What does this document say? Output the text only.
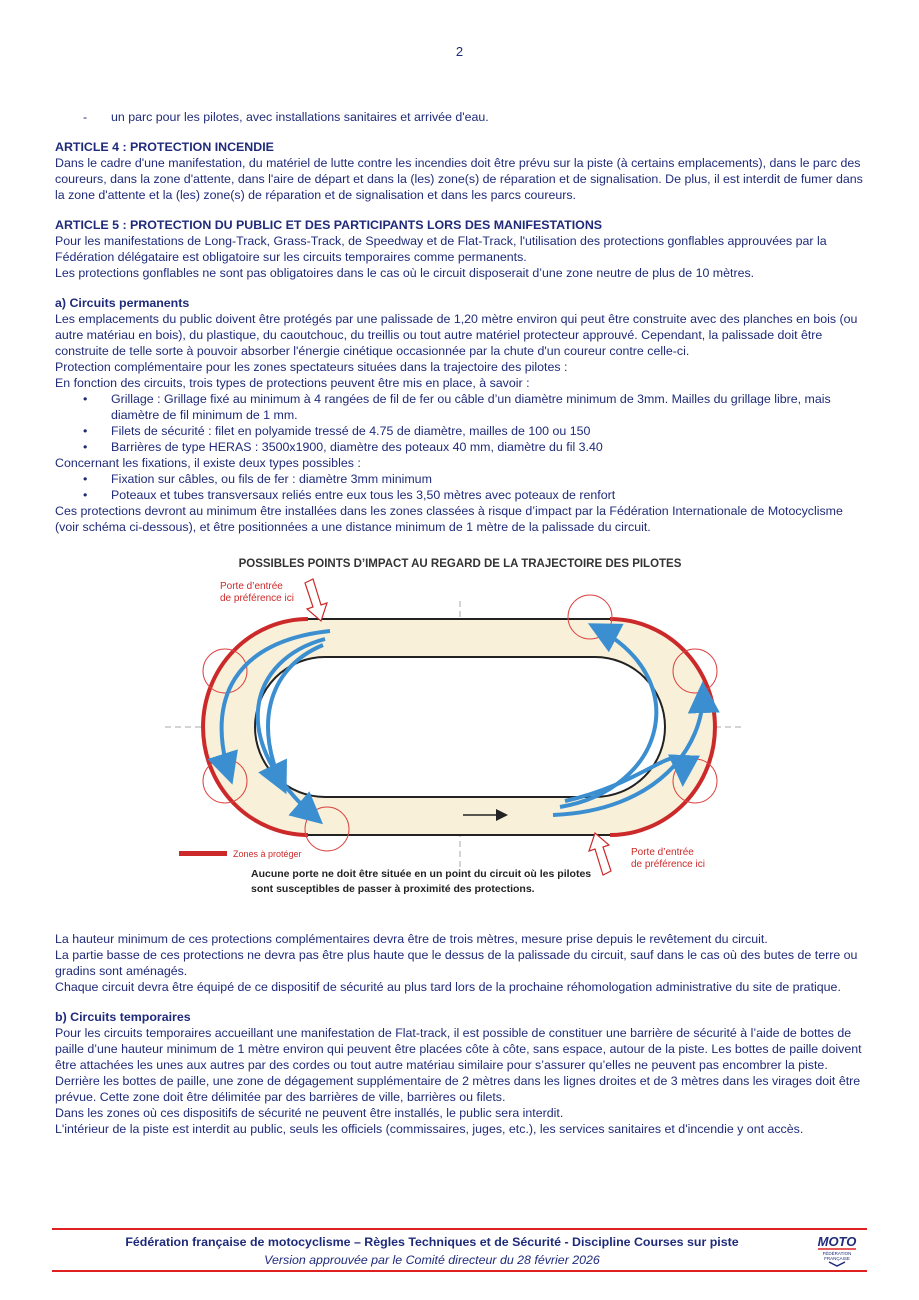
2
- un parc pour les pilotes, avec installations sanitaires et arrivée d'eau.

ARTICLE 4 : PROTECTION INCENDIE

Dans le cadre d'une manifestation, du matériel de lutte contre les incendies doit être prévu sur la piste (à certains emplacements), dans le parc des coureurs, dans la zone d'attente, dans l'aire de départ et dans la (les) zone(s) de réparation et de signalisation. De plus, il est interdit de fumer dans la zone d'attente et la (les) zone(s) de réparation et de signalisation et dans les parcs coureurs.

ARTICLE 5 : PROTECTION DU PUBLIC ET DES PARTICIPANTS LORS DES MANIFESTATIONS

Pour les manifestations de Long-Track, Grass-Track, de Speedway et de Flat-Track, l'utilisation des protections gonflables approuvées par la Fédération délégataire est obligatoire sur les circuits temporaires comme permanents.

Les protections gonflables ne sont pas obligatoires dans le cas où le circuit disposerait d’une zone neutre de plus de 10 mètres.

a) Circuits permanents

Les emplacements du public doivent être protégés par une palissade de 1,20 mètre environ qui peut être construite avec des planches en bois (ou autre matériau en bois), du plastique, du caoutchouc, du treillis ou tout autre matériel protecteur approuvé. Cependant, la palissade doit être construite de telle sorte à pouvoir absorber l'énergie cinétique occasionnée par la chute d'un coureur contre celle-ci.

Protection complémentaire pour les zones spectateurs situées dans la trajectoire des pilotes :

En fonction des circuits, trois types de protections peuvent être mis en place, à savoir :

• Grillage : Grillage fixé au minimum à 4 rangées de fil de fer ou câble d’un diamètre minimum de 3mm. Mailles du grillage libre, mais diamètre de fil minimum de 1 mm.
• Filets de sécurité : filet en polyamide tressé de 4.75 de diamètre, mailles de 100 ou 150
• Barrières de type HERAS : 3500x1900, diamètre des poteaux 40 mm, diamètre du fil 3.40

Concernant les fixations, il existe deux types possibles :

• Fixation sur câbles, ou fils de fer : diamètre 3mm minimum
• Poteaux et tubes transversaux reliés entre eux tous les 3,50 mètres avec poteaux de renfort

Ces protections devront au minimum être installées dans les zones classées à risque d’impact par la Fédération Internationale de Motocyclisme (voir schéma ci-dessous), et être positionnées a une distance minimum de 1 mètre de la palissade du circuit.

POSSIBLES POINTS D’IMPACT AU REGARD DE LA TRAJECTOIRE DES PILOTES
Porte d’entrée
de préférence ici
Porte d’entrée
de préférence ici
Zones à protéger
Aucune porte ne doit être située en un point du circuit où les pilotes
sont susceptibles de passer à proximité des protections.

La hauteur minimum de ces protections complémentaires devra être de trois mètres, mesure prise depuis le revêtement du circuit.

La partie basse de ces protections ne devra pas être plus haute que le dessus de la palissade du circuit, sauf dans le cas où des butes de terre ou gradins sont aménagés.

Chaque circuit devra être équipé de ce dispositif de sécurité au plus tard lors de la prochaine réhomologation administrative du site de pratique.

b) Circuits temporaires

Pour les circuits temporaires accueillant une manifestation de Flat-track, il est possible de constituer une barrière de sécurité à l’aide de bottes de paille d’une hauteur minimum de 1 mètre environ qui peuvent être placées côte à côte, sans espace, autour de la piste. Les bottes de paille doivent être attachées les unes aux autres par des cordes ou tout autre matériau similaire pour s’assurer qu’elles ne peuvent pas encombrer la piste. Derrière les bottes de paille, une zone de dégagement supplémentaire de 2 mètres dans les lignes droites et de 3 mètres dans les virages doit être prévue. Cette zone doit être délimitée par des barrières de ville, barrières ou filets.

Dans les zones où ces dispositifs de sécurité ne peuvent être installés, le public sera interdit.

L'intérieur de la piste est interdit au public, seuls les officiels (commissaires, juges, etc.), les services sanitaires et d'incendie y ont accès.

Fédération française de motocyclisme – Règles Techniques et de Sécurité - Discipline Courses sur piste
Version approuvée par le Comité directeur du 28 février 2026
MOTO
FÉDÉRATION
FRANÇAISE
